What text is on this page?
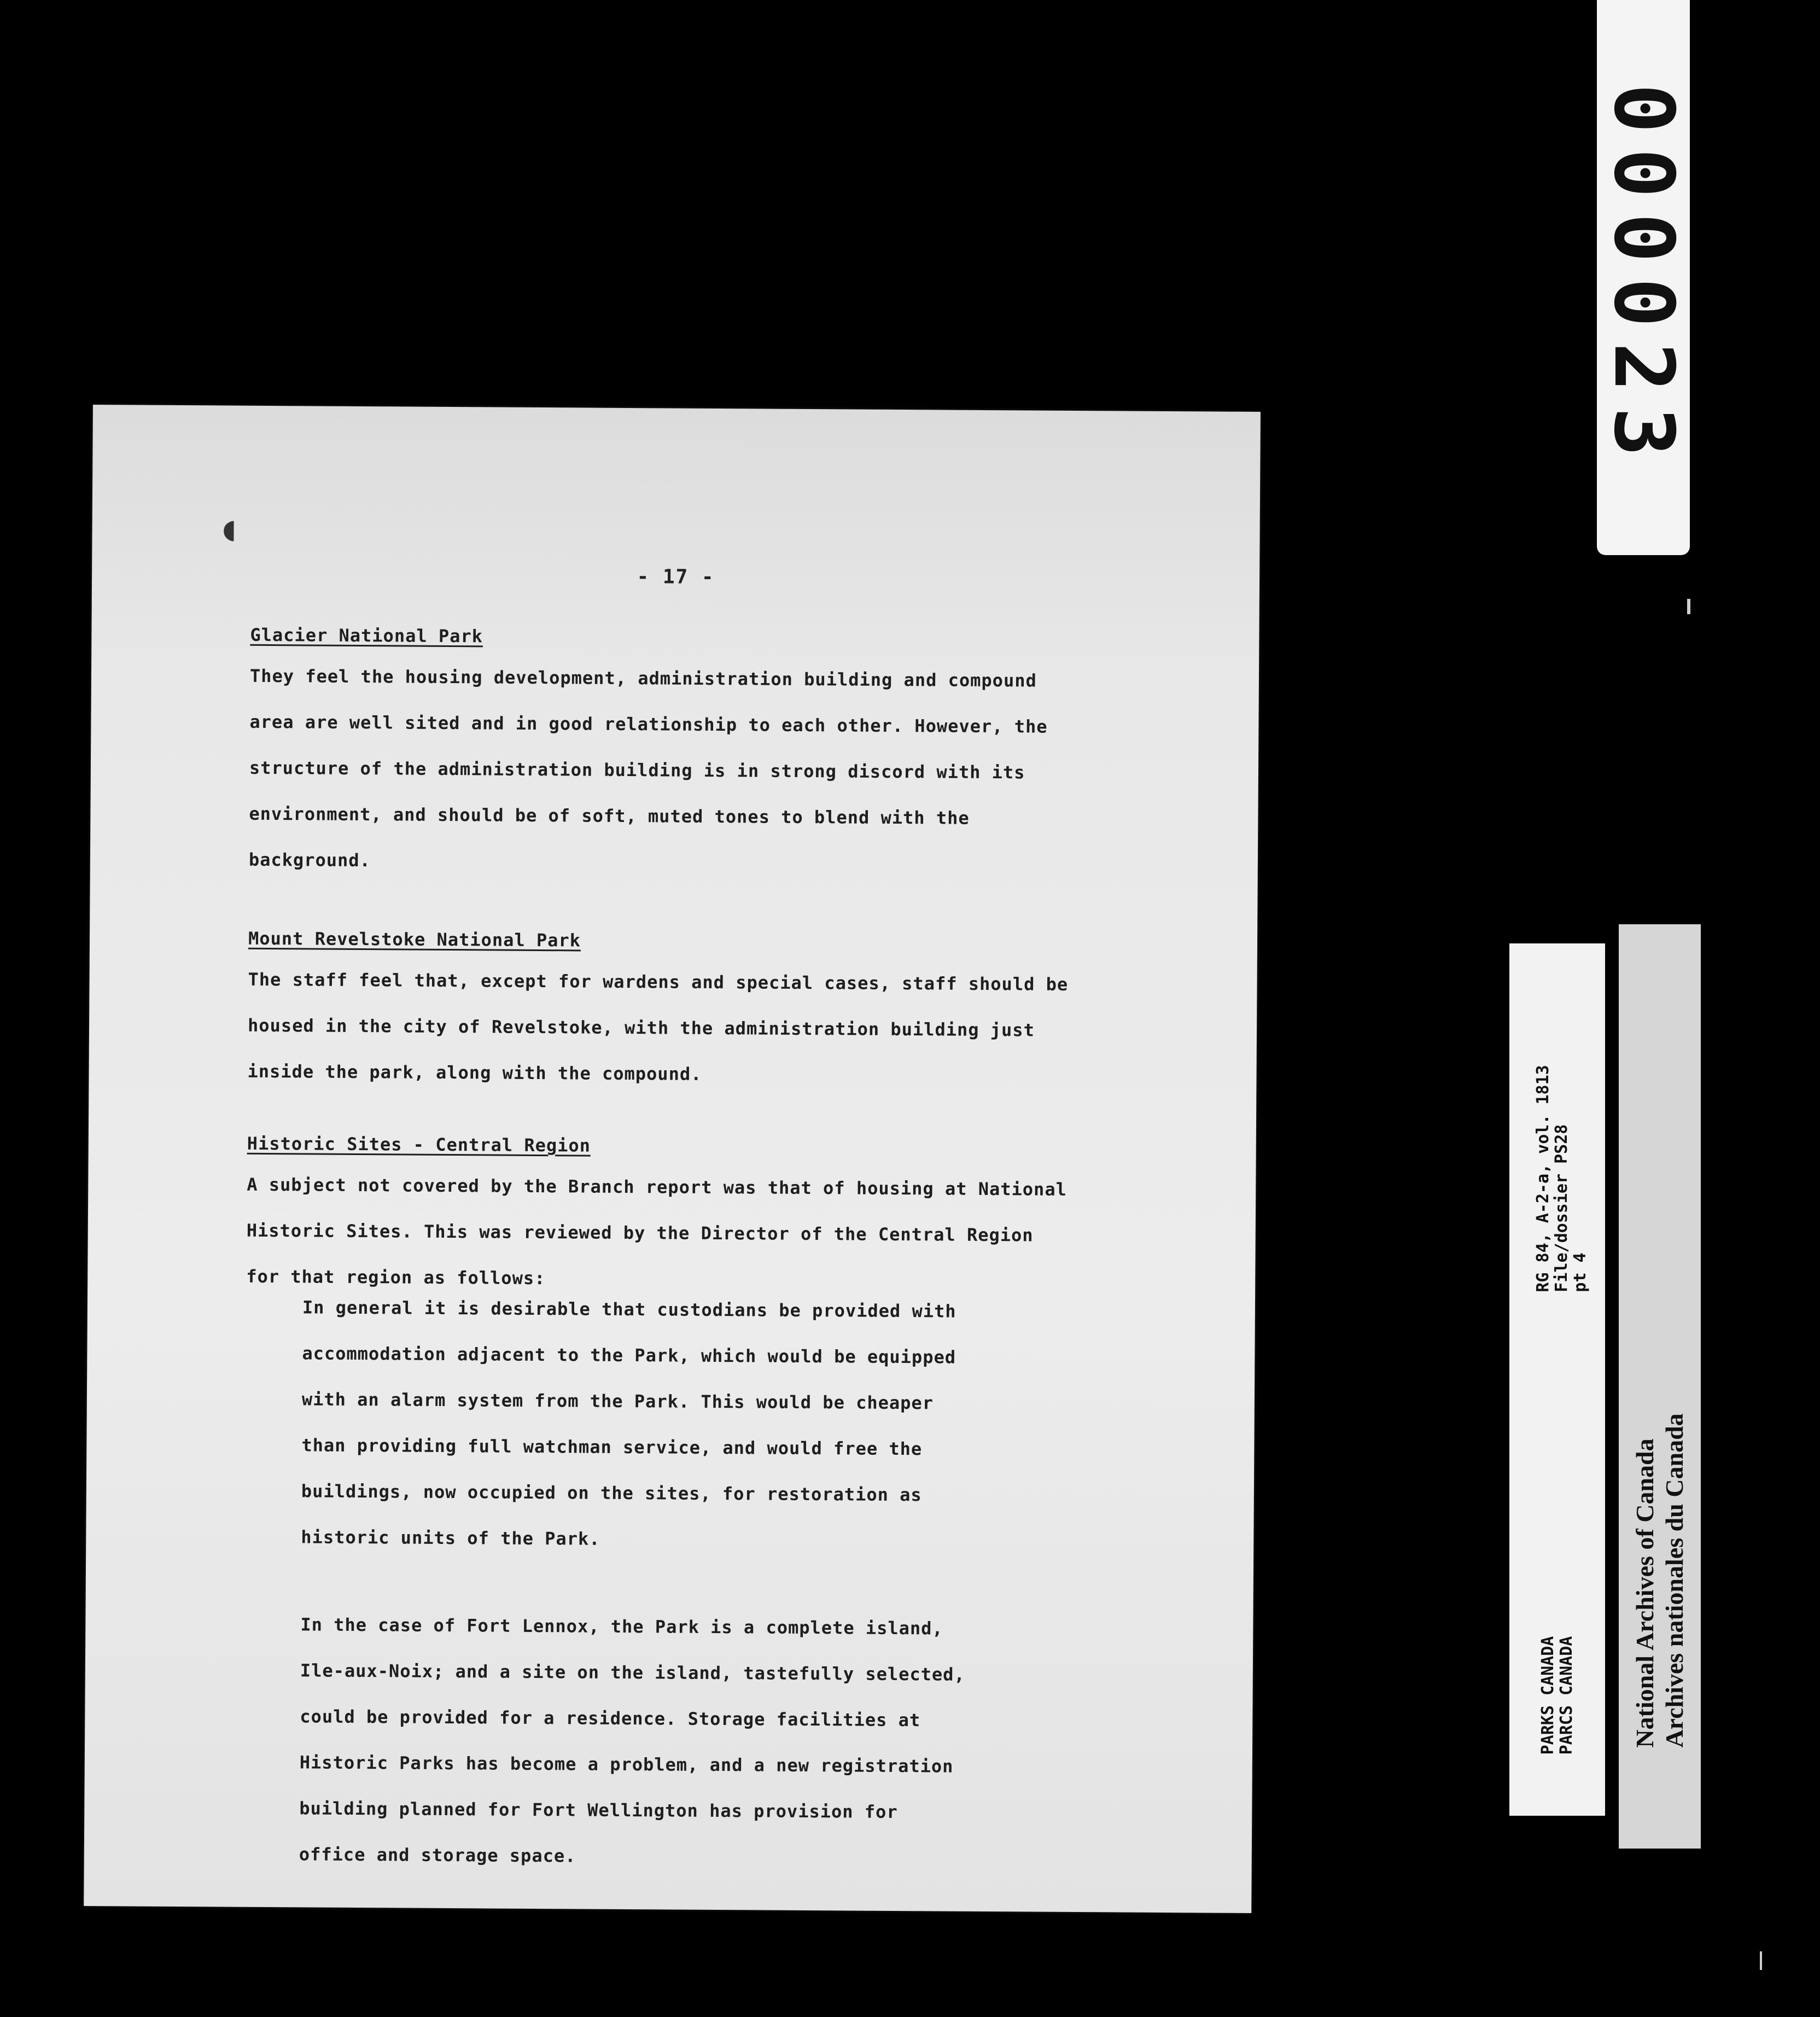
◖
- 17 -
Glacier National Park
They feel the housing development, administration building and compound
area are well sited and in good relationship to each other. However, the
structure of the administration building is in strong discord with its
environment, and should be of soft, muted tones to blend with the
background.
Mount Revelstoke National Park
The staff feel that, except for wardens and special cases, staff should be
housed in the city of Revelstoke, with the administration building just
inside the park, along with the compound.
Historic Sites - Central Region
A subject not covered by the Branch report was that of housing at National
Historic Sites. This was reviewed by the Director of the Central Region
for that region as follows:
In general it is desirable that custodians be provided with
accommodation adjacent to the Park, which would be equipped
with an alarm system from the Park. This would be cheaper
than providing full watchman service, and would free the
buildings, now occupied on the sites, for restoration as
historic units of the Park.
In the case of Fort Lennox, the Park is a complete island,
Ile-aux-Noix; and a site on the island, tastefully selected,
could be provided for a residence. Storage facilities at
Historic Parks has become a problem, and a new registration
building planned for Fort Wellington has provision for
office and storage space.
000023
RG 84, A-2-a, vol. 1813 File/dossier PS28 pt 4
PARKS CANADA PARCS CANADA National Archives of Canada Archives nationales du Canada
